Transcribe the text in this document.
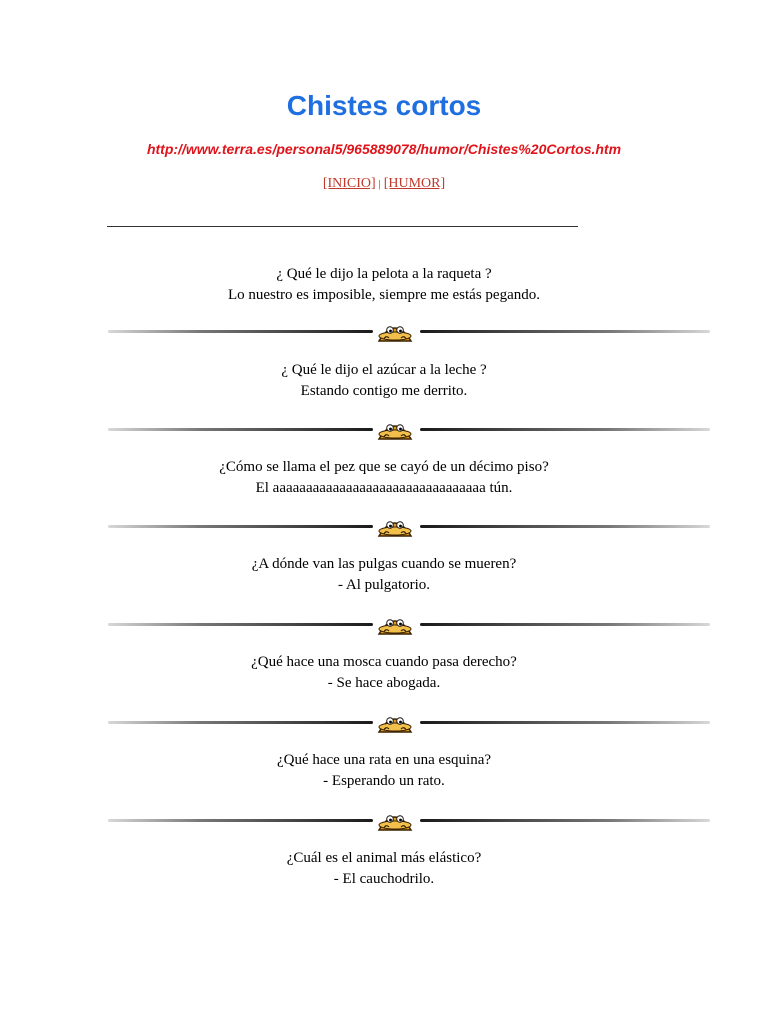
Chistes cortos
http://www.terra.es/personal5/965889078/humor/Chistes%20Cortos.htm
[INICIO] | [HUMOR]
¿ Qué le dijo la pelota a la raqueta ?
Lo nuestro es imposible, siempre me estás pegando.
¿ Qué le dijo el azúcar a la leche ?
Estando contigo me derrito.
¿Cómo se llama el pez que se cayó de un décimo piso?
El aaaaaaaaaaaaaaaaaaaaaaaaaaaaaaaa tún.
¿A dónde van las pulgas cuando se mueren?
- Al pulgatorio.
¿Qué hace una mosca cuando pasa derecho?
- Se hace abogada.
¿Qué hace una rata en una esquina?
- Esperando un rato.
¿Cuál es el animal más elástico?
- El cauchodrilo.
